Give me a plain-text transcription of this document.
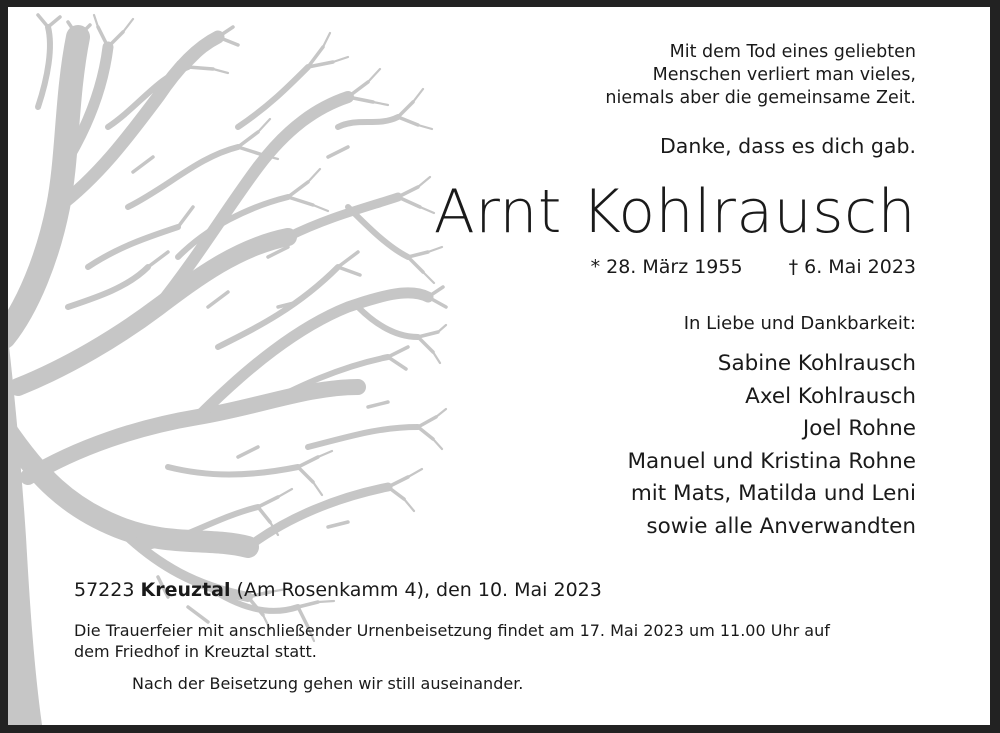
Mit dem Tod eines geliebten
Menschen verliert man vieles,
niemals aber die gemeinsame Zeit.
Danke, dass es dich gab.
Arnt Kohlrausch
* 28. März 1955 † 6. Mai 2023
In Liebe und Dankbarkeit:
Sabine Kohlrausch
Axel Kohlrausch
Joel Rohne
Manuel und Kristina Rohne
mit Mats, Matilda und Leni
sowie alle Anverwandten
57223 Kreuztal (Am Rosenkamm 4), den 10. Mai 2023
Die Trauerfeier mit anschließender Urnenbeisetzung findet am 17. Mai 2023 um 11.00 Uhr auf
dem Friedhof in Kreuztal statt.
Nach der Beisetzung gehen wir still auseinander.
